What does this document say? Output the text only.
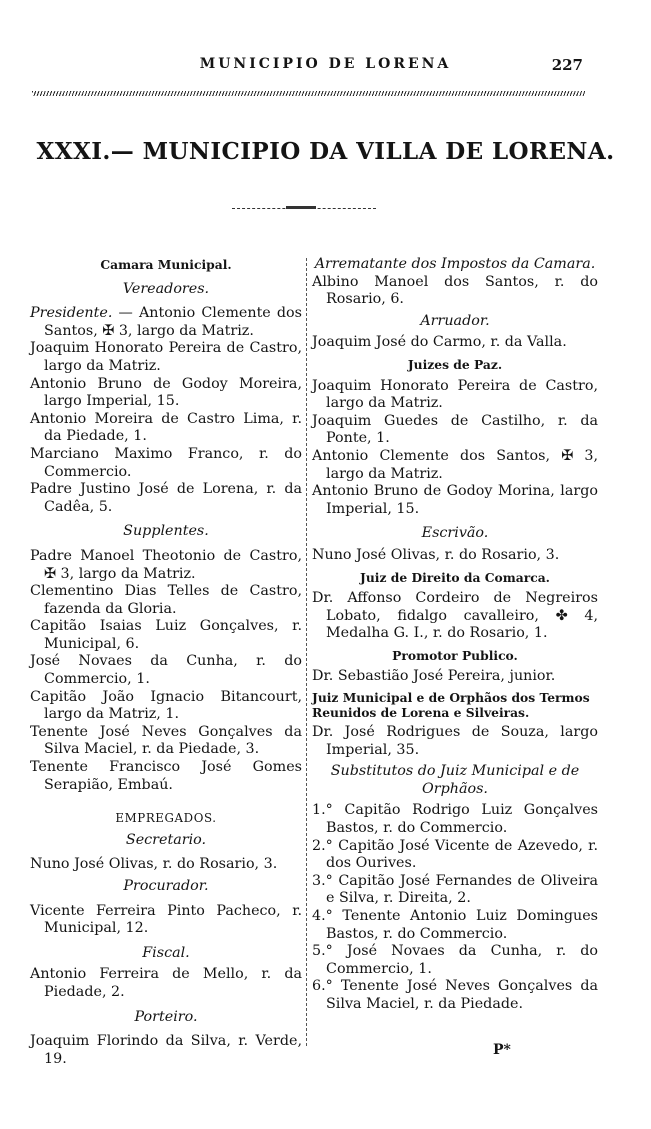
MUNICIPIO DE LORENA	227
XXXI.— MUNICIPIO DA VILLA DE LORENA.
Camara Municipal.
Vereadores.
Presidente. — Antonio Clemente dos Santos, ✠ 3, largo da Matriz.
Joaquim Honorato Pereira de Castro, largo da Matriz.
Antonio Bruno de Godoy Moreira, largo Imperial, 15.
Antonio Moreira de Castro Lima, r. da Piedade, 1.
Marciano Maximo Franco, r. do Commercio.
Padre Justino José de Lorena, r. da Cadêa, 5.
Supplentes.
Padre Manoel Theotonio de Castro, ✠ 3, largo da Matriz.
Clementino Dias Telles de Castro, fazenda da Gloria.
Capitão Isaias Luiz Gonçalves, r. Municipal, 6.
José Novaes da Cunha, r. do Commercio, 1.
Capitão João Ignacio Bitancourt, largo da Matriz, 1.
Tenente José Neves Gonçalves da Silva Maciel, r. da Piedade, 3.
Tenente Francisco José Gomes Serapião, Embaú.
EMPREGADOS.
Secretario.
Nuno José Olivas, r. do Rosario, 3.
Procurador.
Vicente Ferreira Pinto Pacheco, r. Municipal, 12.
Fiscal.
Antonio Ferreira de Mello, r. da Piedade, 2.
Porteiro.
Joaquim Florindo da Silva, r. Verde, 19.
Arrematante dos Impostos da Camara.
Albino Manoel dos Santos, r. do Rosario, 6.
Arruador.
Joaquim José do Carmo, r. da Valla.
Juizes de Paz.
Joaquim Honorato Pereira de Castro, largo da Matriz.
Joaquim Guedes de Castilho, r. da Ponte, 1.
Antonio Clemente dos Santos, ✠ 3, largo da Matriz.
Antonio Bruno de Godoy Morina, largo Imperial, 15.
Escrivão.
Nuno José Olivas, r. do Rosario, 3.
Juiz de Direito da Comarca.
Dr. Affonso Cordeiro de Negreiros Lobato, fidalgo cavalleiro, ✤ 4, Medalha G. I., r. do Rosario, 1.
Promotor Publico.
Dr. Sebastião José Pereira, junior.
Juiz Municipal e de Orphãos dos Termos Reunidos de Lorena e Silveiras.
Dr. José Rodrigues de Souza, largo Imperial, 35.
Substitutos do Juiz Municipal e de Orphãos.
1.° Capitão Rodrigo Luiz Gonçalves Bastos, r. do Commercio.
2.° Capitão José Vicente de Azevedo, r. dos Ourives.
3.° Capitão José Fernandes de Oliveira e Silva, r. Direita, 2.
4.° Tenente Antonio Luiz Domingues Bastos, r. do Commercio.
5.° José Novaes da Cunha, r. do Commercio, 1.
6.° Tenente José Neves Gonçalves da Silva Maciel, r. da Piedade.
P*
